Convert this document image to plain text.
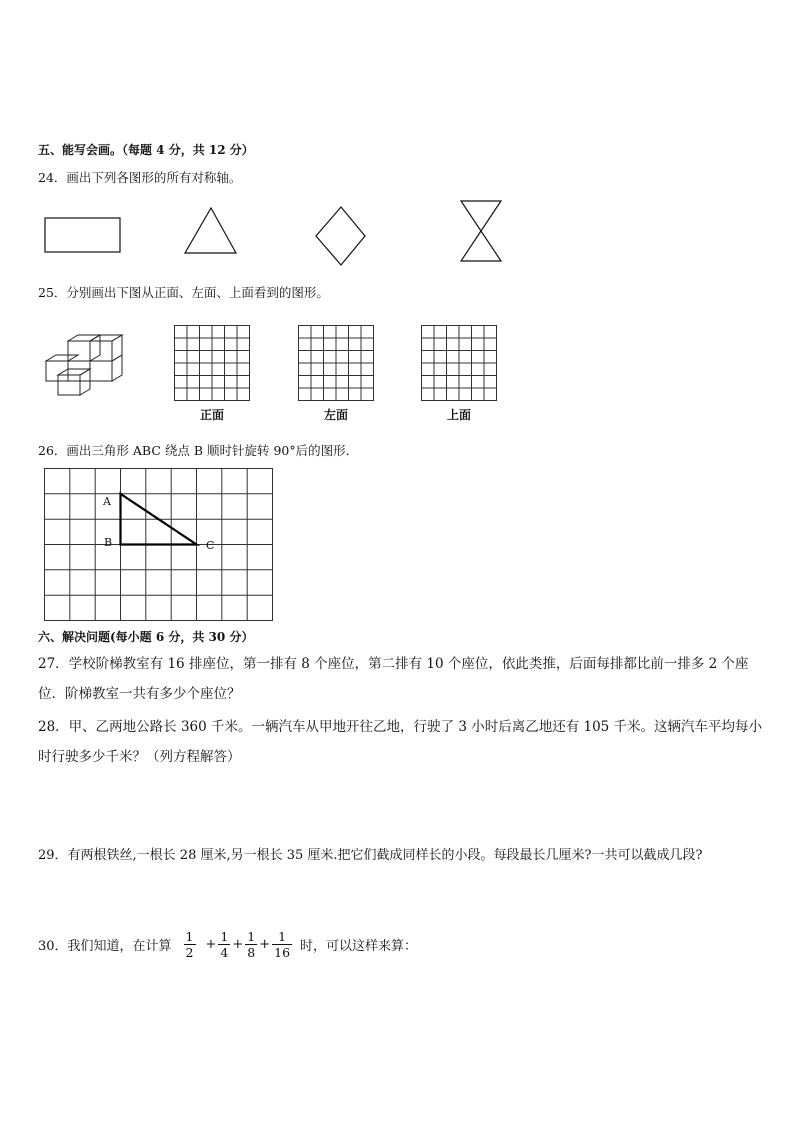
五、能写会画。（每题 4 分，共 12 分）
24．画出下列各图形的所有对称轴。
25．分别画出下图从正面、左面、上面看到的图形。
正面	左面	上面
26．画出三角形 ABC 绕点 B 顺时针旋转 90°后的图形．
A
B	C
六、解决问题(每小题 6 分，共 30 分）
27．学校阶梯教室有 16 排座位，第一排有 8 个座位，第二排有 10 个座位，依此类推，后面每排都比前一排多 2 个座位．阶梯教室一共有多少个座位？
28．甲、乙两地公路长 360 千米。一辆汽车从甲地开往乙地，行驶了 3 小时后离乙地还有 105 千米。这辆汽车平均每小时行驶多少千米？（列方程解答）
29．有两根铁丝,一根长 28 厘米,另一根长 35 厘米.把它们截成同样长的小段。每段最长几厘米?一共可以截成几段?
30．我们知道，在计算 $\frac{1}{2} + \frac{1}{4} + \frac{1}{8} + \frac{1}{16}$ 时，可以这样来算：
